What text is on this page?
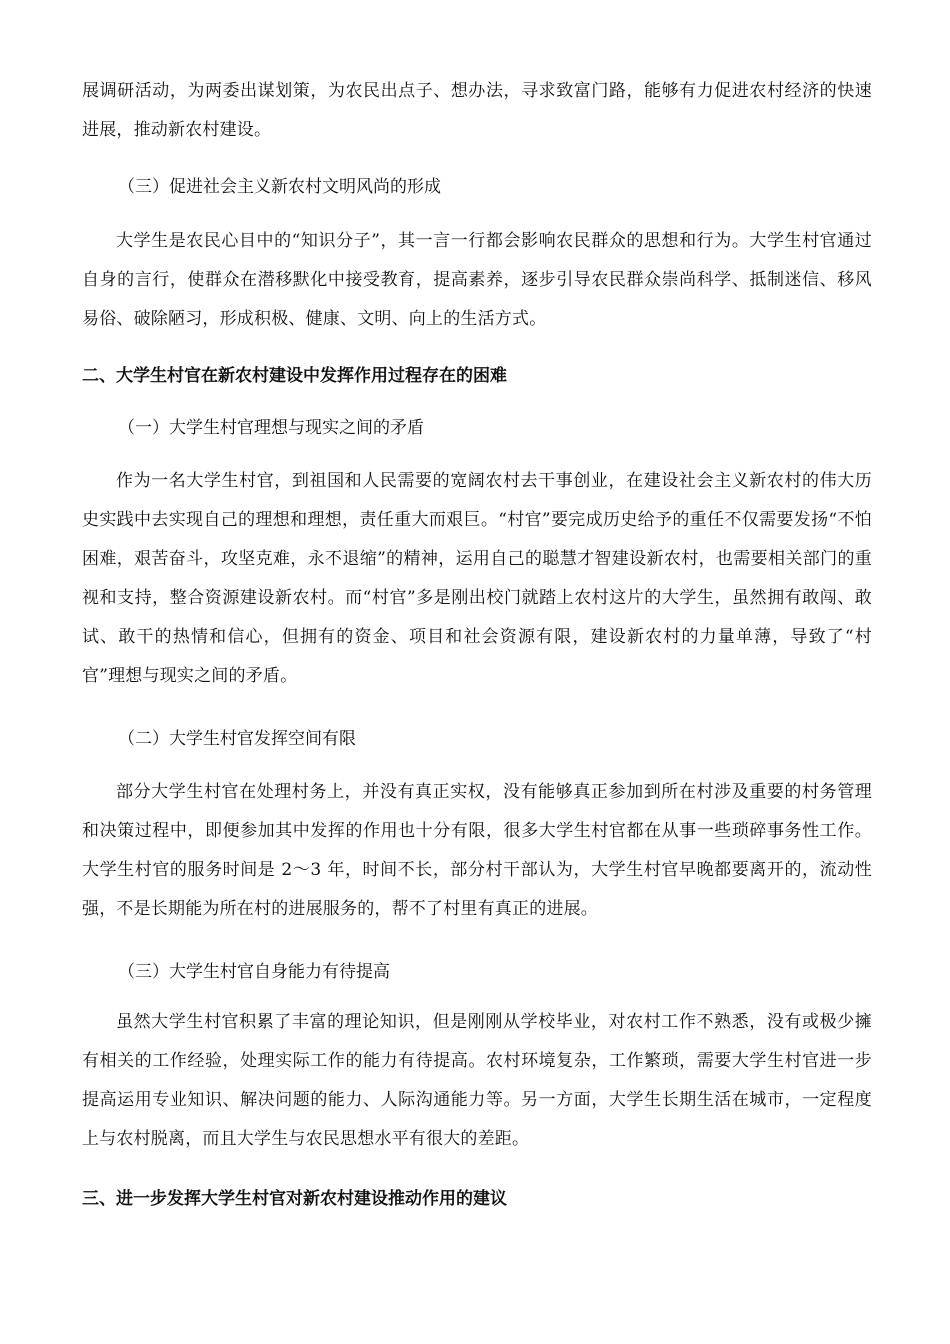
展调研活动，为两委出谋划策，为农民出点子、想办法，寻求致富门路，能够有力促进农村经济的快速进展，推动新农村建设。

（三）促进社会主义新农村文明风尚的形成

大学生是农民心目中的“知识分子”，其一言一行都会影响农民群众的思想和行为。大学生村官通过自身的言行，使群众在潜移默化中接受教育，提高素养，逐步引导农民群众崇尚科学、抵制迷信、移风易俗、破除陋习，形成积极、健康、文明、向上的生活方式。

二、大学生村官在新农村建设中发挥作用过程存在的困难

（一）大学生村官理想与现实之间的矛盾

作为一名大学生村官，到祖国和人民需要的宽阔农村去干事创业，在建设社会主义新农村的伟大历史实践中去实现自己的理想和理想，责任重大而艰巨。“村官”要完成历史给予的重任不仅需要发扬“不怕困难，艰苦奋斗，攻坚克难，永不退缩”的精神，运用自己的聪慧才智建设新农村，也需要相关部门的重视和支持，整合资源建设新农村。而“村官”多是刚出校门就踏上农村这片的大学生，虽然拥有敢闯、敢试、敢干的热情和信心，但拥有的资金、项目和社会资源有限，建设新农村的力量单薄，导致了“村官”理想与现实之间的矛盾。

（二）大学生村官发挥空间有限

部分大学生村官在处理村务上，并没有真正实权，没有能够真正参加到所在村涉及重要的村务管理和决策过程中，即便参加其中发挥的作用也十分有限，很多大学生村官都在从事一些琐碎事务性工作。大学生村官的服务时间是 2～3 年，时间不长，部分村干部认为，大学生村官早晚都要离开的，流动性强，不是长期能为所在村的进展服务的，帮不了村里有真正的进展。

（三）大学生村官自身能力有待提高

虽然大学生村官积累了丰富的理论知识，但是刚刚从学校毕业，对农村工作不熟悉，没有或极少擁有相关的工作经验，处理实际工作的能力有待提高。农村环境复杂，工作繁琐，需要大学生村官进一步提高运用专业知识、解决问题的能力、人际沟通能力等。另一方面，大学生长期生活在城市，一定程度上与农村脱离，而且大学生与农民思想水平有很大的差距。

三、进一步发挥大学生村官对新农村建设推动作用的建议
